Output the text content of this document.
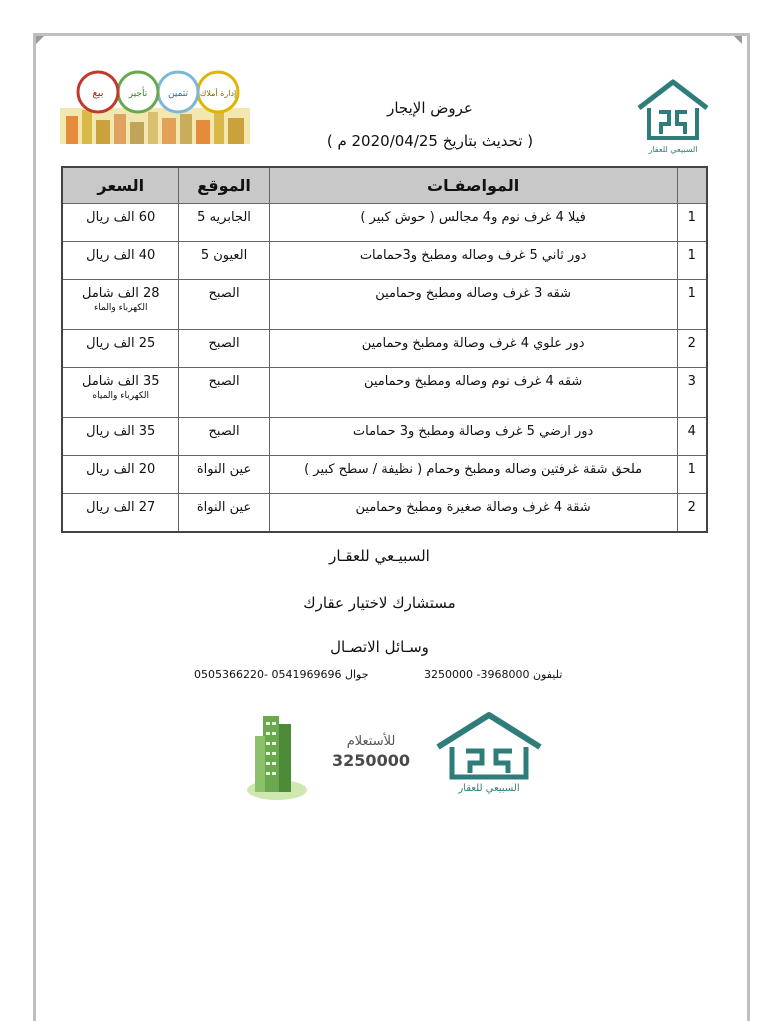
السبيعي للعقار
إدارة أملاك
تثمين
تأجير
بيع
عروض الإيجار
( تحديث بتاريخ 2020/04/25 م )
	المواصفـات	الموقع	السعر
1	فيلا 4 غرف نوم و4 مجالس ( حوش كبير )	الجابريه 5	60 الف ريال
1	دور ثاني 5 غرف وصاله ومطبخ و3حمامات	العيون 5	40 الف ريال
1	شقه 3 غرف وصاله ومطبخ وحمامين	الصبح	28 الف شامل
الكهرباء والماء

2	دور علوي 4 غرف وصالة ومطبخ وحمامين	الصبح	25 الف ريال
3	شقه 4 غرف نوم وصاله ومطبخ وحمامين	الصبح	35 الف شامل
الكهرباء والمياه

4	دور ارضي 5 غرف وصالة ومطبخ و3 حمامات	الصبح	35 الف ريال
1	ملحق شقة غرفتين وصاله ومطبخ وحمام ( نظيفة / سطح كبير )	عين النواة	20 الف ريال
2	شقة 4 غرف وصالة صغيرة ومطبخ وحمامين	عين النواة	27 الف ريال
السبيـعي للعقـار
مستشارك لاختيار عقارك
وسـائل الاتصـال
تليفون 3968000- 3250000
جوال 0541969696 -0505366220
للأستعلام
3250000
السبيعي للعقار
